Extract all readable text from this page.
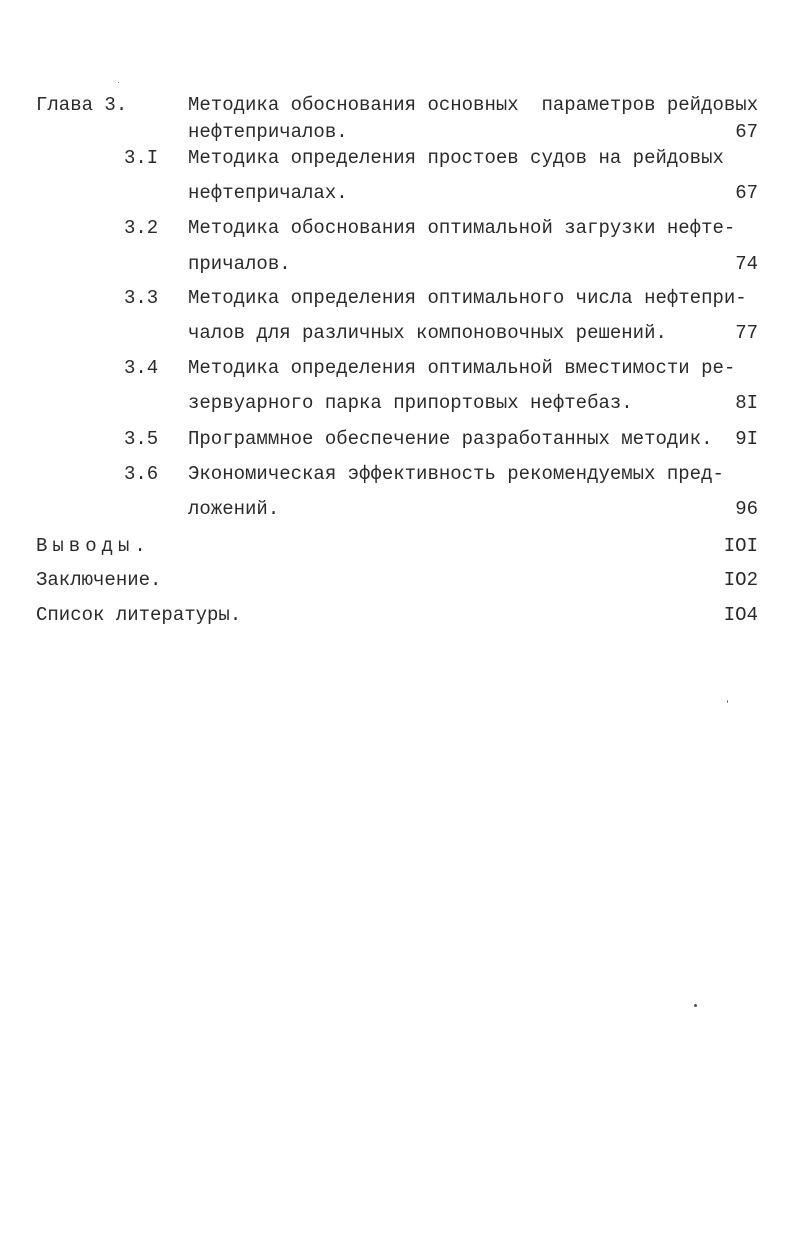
Глава 3.	Методика обоснования основных  параметров рейдовых
нефтепричалов.	67
3.I Методика определения простоев судов на рейдовых
нефтепричалах.	67
3.2 Методика обоснования оптимальной загрузки нефте-
причалов.	74
3.3 Методика определения оптимального числа нефтепри-
чалов для различных компоновочных решений.	77
3.4 Методика определения оптимальной вместимости ре-
зервуарного парка припортовых нефтебаз.	8I
3.5 Программное обеспечение разработанных методик. 9I
3.6 Экономическая эффективность рекомендуемых пред-
ложений.	96
Выводы.	IOI
Заключение.	IO2
Список литературы.	IO4
